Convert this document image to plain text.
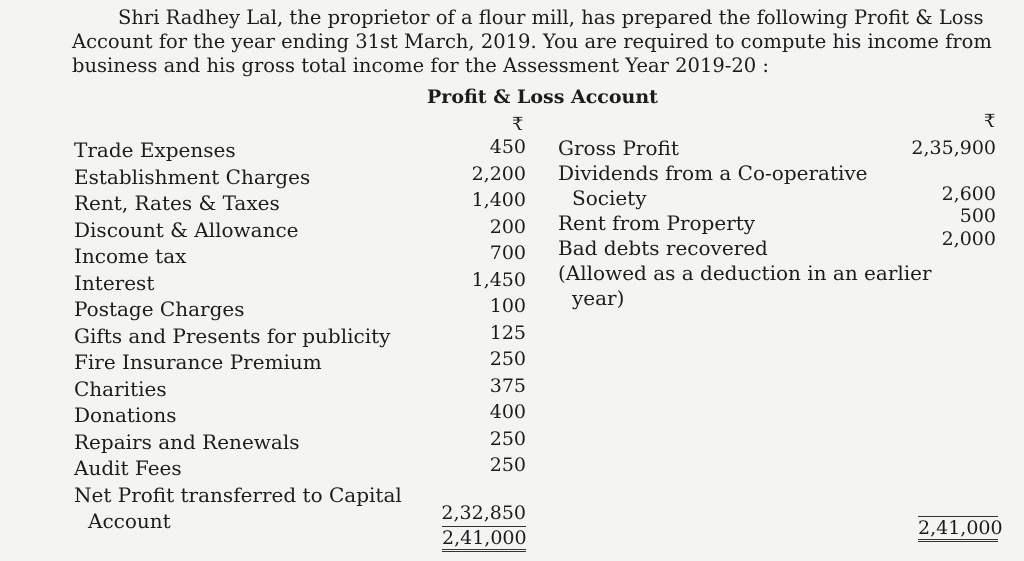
Shri Radhey Lal, the proprietor of a flour mill, has prepared the following Profit & Loss Account for the year ending 31st March, 2019. You are required to compute his income from business and his gross total income for the Assessment Year 2019-20 :
Profit & Loss Account
₹	₹
Trade Expenses
Establishment Charges
Rent, Rates & Taxes
Discount & Allowance
Income tax
Interest
Postage Charges
Gifts and Presents for publicity
Fire Insurance Premium
Charities
Donations
Repairs and Renewals
Audit Fees
Net Profit transferred to Capital
Account
450
2,200
1,400
200
700
1,450
100
125
250
375
400
250
250
2,32,850
2,41,000
Gross Profit
Dividends from a Co-operative
Society
Rent from Property
Bad debts recovered
(Allowed as a deduction in an earlier
year)
2,35,900
2,600
500
2,000
2,41,000
